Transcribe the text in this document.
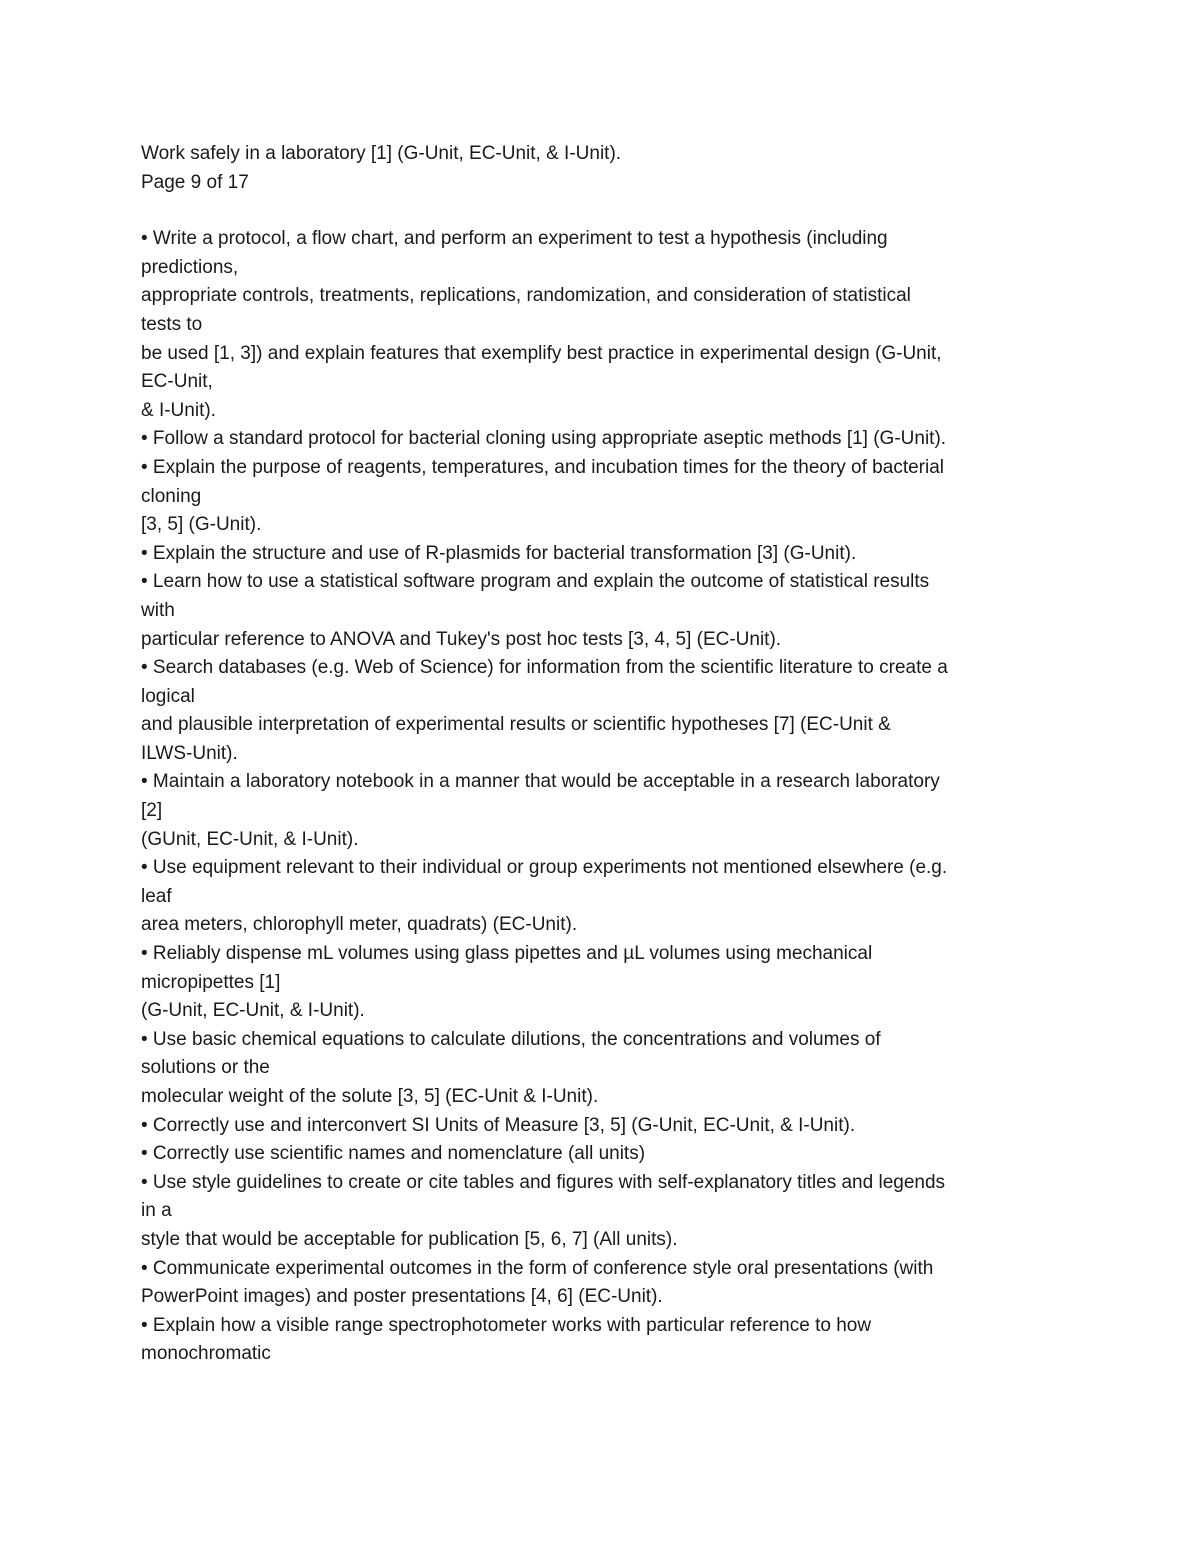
Work safely in a laboratory [1] (G-Unit, EC-Unit, & I-Unit).
Page 9 of 17
• Write a protocol, a flow chart, and perform an experiment to test a hypothesis (including
predictions,
appropriate controls, treatments, replications, randomization, and consideration of statistical
tests to
be used [1, 3]) and explain features that exemplify best practice in experimental design (G-Unit,
EC-Unit,
& I-Unit).
• Follow a standard protocol for bacterial cloning using appropriate aseptic methods [1] (G-Unit).
• Explain the purpose of reagents, temperatures, and incubation times for the theory of bacterial
cloning
[3, 5] (G-Unit).
• Explain the structure and use of R-plasmids for bacterial transformation [3] (G-Unit).
• Learn how to use a statistical software program and explain the outcome of statistical results
with
particular reference to ANOVA and Tukey's post hoc tests [3, 4, 5] (EC-Unit).
• Search databases (e.g. Web of Science) for information from the scientific literature to create a
logical
and plausible interpretation of experimental results or scientific hypotheses [7] (EC-Unit &
ILWS-Unit).
• Maintain a laboratory notebook in a manner that would be acceptable in a research laboratory
[2]
(GUnit, EC-Unit, & I-Unit).
• Use equipment relevant to their individual or group experiments not mentioned elsewhere (e.g.
leaf
area meters, chlorophyll meter, quadrats) (EC-Unit).
• Reliably dispense mL volumes using glass pipettes and µL volumes using mechanical
micropipettes [1]
(G-Unit, EC-Unit, & I-Unit).
• Use basic chemical equations to calculate dilutions, the concentrations and volumes of
solutions or the
molecular weight of the solute [3, 5] (EC-Unit & I-Unit).
• Correctly use and interconvert SI Units of Measure [3, 5] (G-Unit, EC-Unit, & I-Unit).
• Correctly use scientific names and nomenclature (all units)
• Use style guidelines to create or cite tables and figures with self-explanatory titles and legends
in a
style that would be acceptable for publication [5, 6, 7] (All units).
• Communicate experimental outcomes in the form of conference style oral presentations (with
PowerPoint images) and poster presentations [4, 6] (EC-Unit).
• Explain how a visible range spectrophotometer works with particular reference to how
monochromatic
